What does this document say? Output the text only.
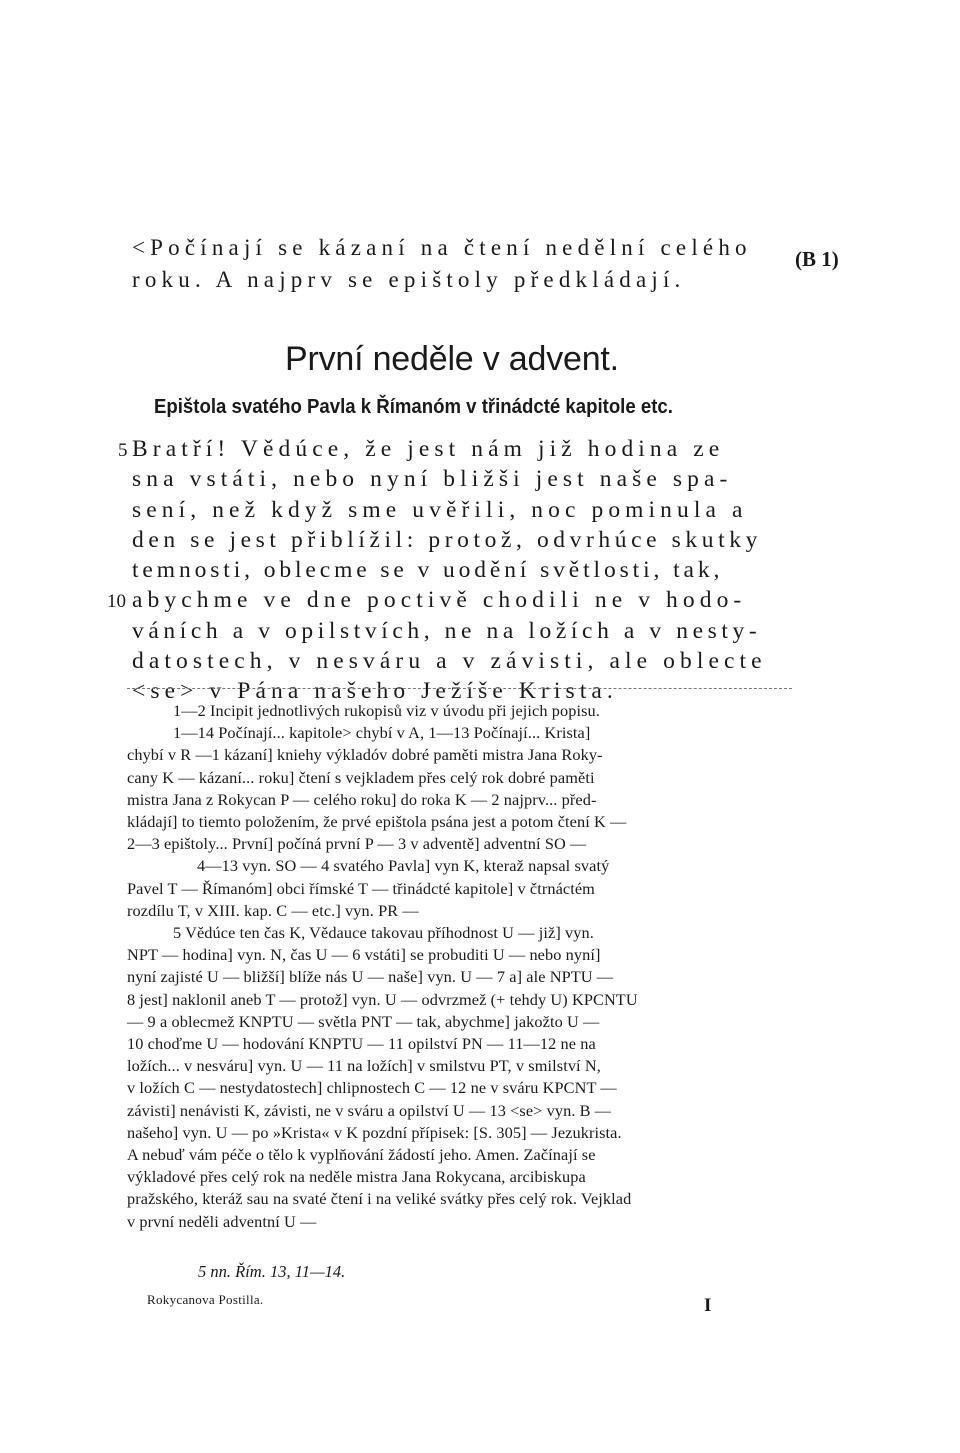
<Počínají se kázaní na čtení nedělní celého
roku. A najprv se epištoly předkládají.
(B 1)
První neděle v advent.
Epištola svatého Pavla k Římanóm v třinádcté kapitole etc.
5 Bratří! Vědúce, že jest nám již hodina ze
sna vstáti, nebo nyní bližši jest naše spa-
sení, než když sme uvěřili, noc pominula a
den se jest přiblížil: protož, odvrhúce skutky
temnosti, oblecme se v uodění světlosti, tak,
10 abychme ve dne poctivě chodili ne v hodo-
váních a v opilstvích, ne na ložích a v nesty-
datostech, v nesváru a v závisti, ale oblecte
<se> v Pána našeho Ježíše Krista.
1—2 Incipit jednotlivých rukopisů viz v úvodu při jejich popisu.
1—14 Počínají... kapitole> chybí v A, 1—13 Počínají... Krista]
chybí v R —1 kázaní] kniehy výkladóv dobré paměti mistra Jana Roky-
cany K — kázaní... roku] čtení s vejkladem přes celý rok dobré paměti
mistra Jana z Rokycan P — celého roku] do roka K — 2 najprv... před-
kládají] to tiemto položením, že prvé epištola psána jest a potom čtení K —
2—3 epištoly... První] počíná první P — 3 v adventě] adventní SO —
4—13 vyn. SO — 4 svatého Pavla] vyn K, kteraž napsal svatý
Pavel T — Římanóm] obci římské T — třinádcté kapitole] v čtrnáctém
rozdílu T, v XIII. kap. C — etc.] vyn. PR —
5 Vědúce ten čas K, Vědauce takovau příhodnost U — již] vyn.
NPT — hodina] vyn. N, čas U — 6 vstáti] se probuditi U — nebo nyní]
nyní zajisté U — bližší] blíže nás U — naše] vyn. U — 7 a] ale NPTU —
8 jest] naklonil aneb T — protož] vyn. U — odvrzmež (+ tehdy U) KPCNTU
— 9 a oblecmež KNPTU — světla PNT — tak, abychme] jakožto U —
10 choďme U — hodování KNPTU — 11 opilství PN — 11—12 ne na
ložích... v nesváru] vyn. U — 11 na ložích] v smilstvu PT, v smilství N,
v ložích C — nestydatostech] chlipnostech C — 12 ne v sváru KPCNT —
závisti] nenávisti K, závisti, ne v sváru a opilství U — 13 <se> vyn. B —
našeho] vyn. U — po »Krista« v K pozdní přípisek: [S. 305] — Jezukrista.
A nebuď vám péče o tělo k vyplňování žádostí jeho. Amen. Začínají se
výkladové přes celý rok na neděle mistra Jana Rokycana, arcibiskupa
pražského, kteráž sau na svaté čtení i na veliké svátky přes celý rok. Vejklad
v první neděli adventní U —
5 nn. Řím. 13, 11—14.
Rokycanova Postilla.	I
